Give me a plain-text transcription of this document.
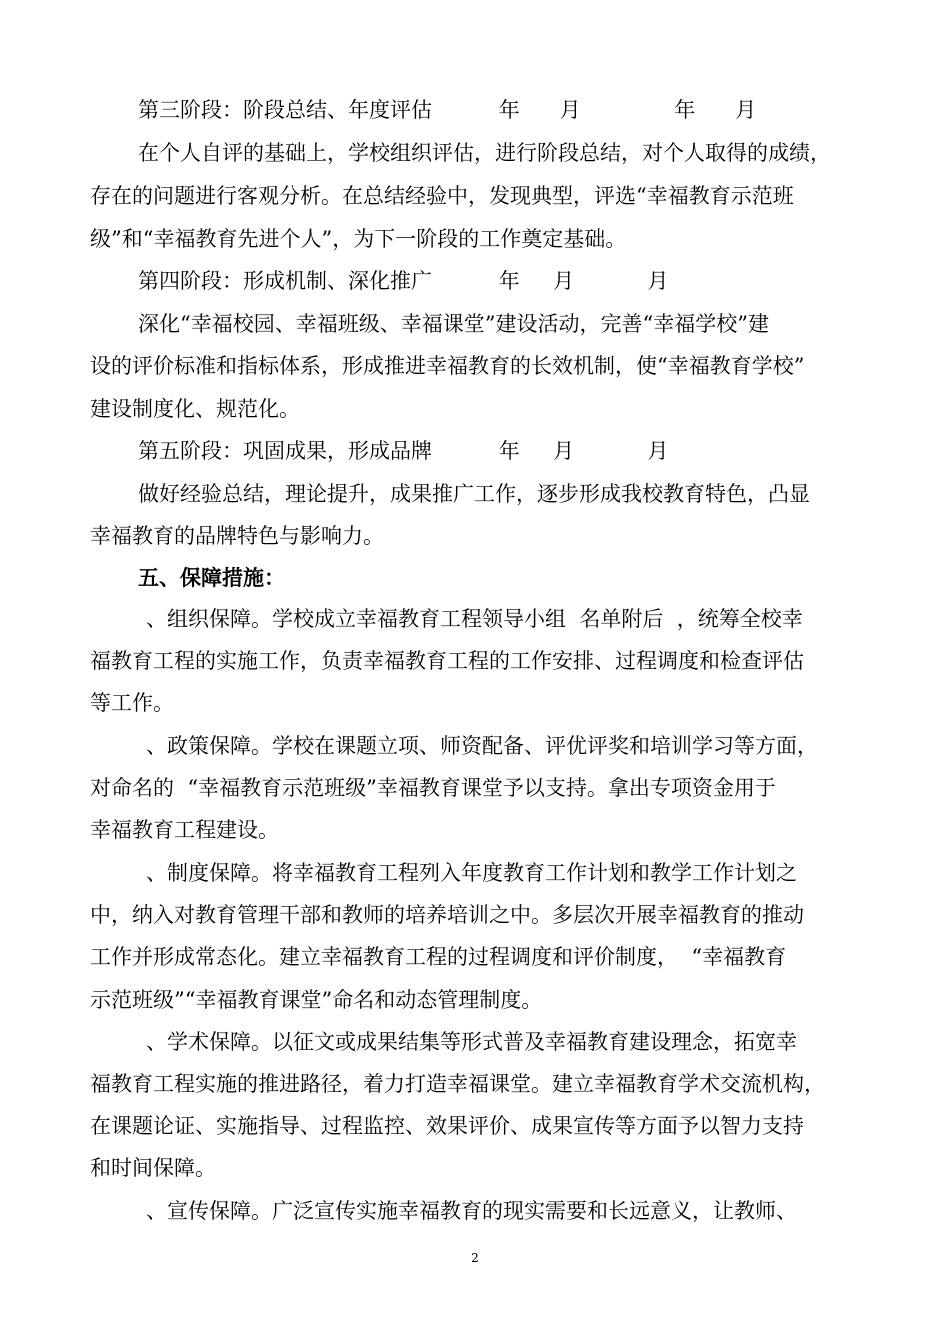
第三阶段：阶段总结、年度评估          年      月              年      月
在个人自评的基础上，学校组织评估，进行阶段总结，对个人取得的成绩，
存在的问题进行客观分析。在总结经验中，发现典型，评选“幸福教育示范班
级”和“幸福教育先进个人”，为下一阶段的工作奠定基础。
第四阶段：形成机制、深化推广          年     月           月
深化“幸福校园、幸福班级、幸福课堂”建设活动，完善“幸福学校”建
设的评价标准和指标体系，形成推进幸福教育的长效机制，使“幸福教育学校”
建设制度化、规范化。
第五阶段：巩固成果，形成品牌          年     月           月
做好经验总结，理论提升，成果推广工作，逐步形成我校教育特色，凸显
幸福教育的品牌特色与影响力。
五、保障措施：
、组织保障。学校成立幸福教育工程领导小组  名单附后  ，统筹全校幸
福教育工程的实施工作，负责幸福教育工程的工作安排、过程调度和检查评估
等工作。
、政策保障。学校在课题立项、师资配备、评优评奖和培训学习等方面，
对命名的  “幸福教育示范班级”幸福教育课堂予以支持。拿出专项资金用于
幸福教育工程建设。
、制度保障。将幸福教育工程列入年度教育工作计划和教学工作计划之
中，纳入对教育管理干部和教师的培养培训之中。多层次开展幸福教育的推动
工作并形成常态化。建立幸福教育工程的过程调度和评价制度，  “幸福教育
示范班级”“幸福教育课堂”命名和动态管理制度。
、学术保障。以征文或成果结集等形式普及幸福教育建设理念，拓宽幸
福教育工程实施的推进路径，着力打造幸福课堂。建立幸福教育学术交流机构，
在课题论证、实施指导、过程监控、效果评价、成果宣传等方面予以智力支持
和时间保障。
、宣传保障。广泛宣传实施幸福教育的现实需要和长远意义，让教师、
2
